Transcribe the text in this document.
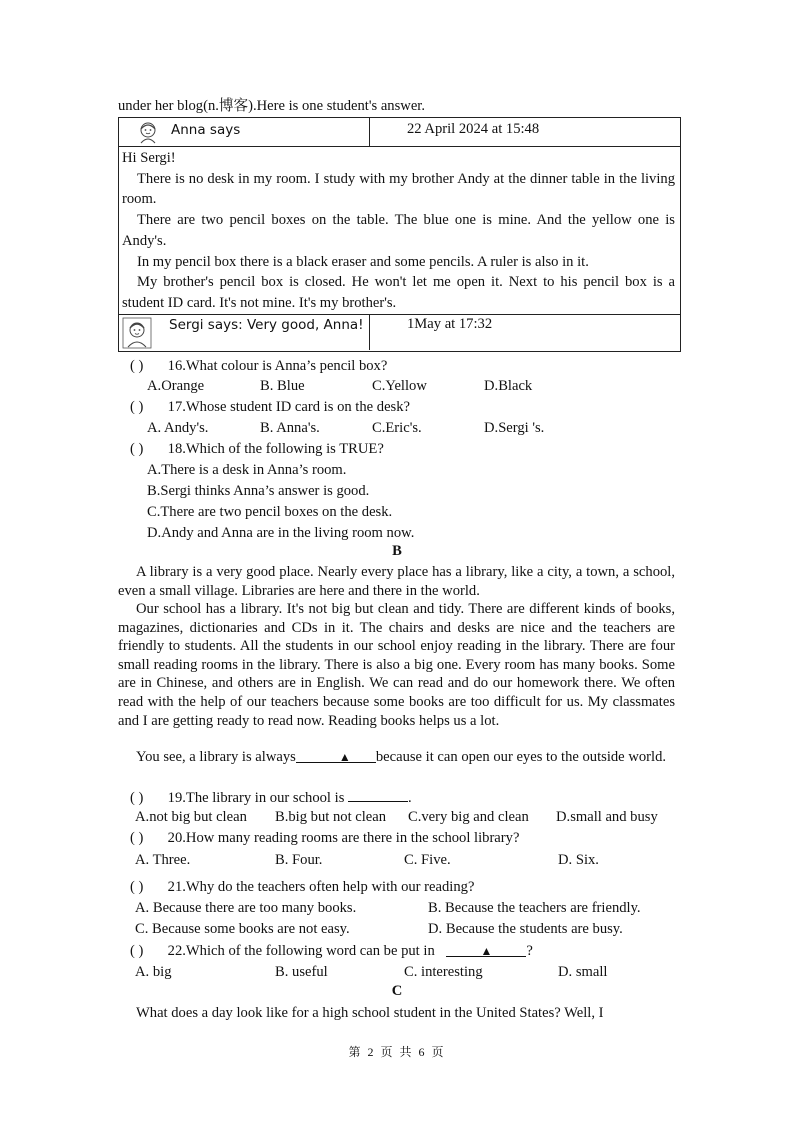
under her blog(n.博客).Here is one student's answer.
Anna says	22 April 2024 at 15:48

Hi Sergi!

There is no desk in my room. I study with my brother Andy at the dinner table in the living room.

There are two pencil boxes on the table. The blue one is mine. And the yellow one is Andy's.

In my pencil box there is a black eraser and some pencils. A ruler is also in it.

My brother's pencil box is closed. He won't let me open it. Next to his pencil box is a student ID card. It's not mine. It's my brother's.

Sergi says: Very good, Anna!	1May at 17:32
( ) 16.What colour is Anna’s pencil box?
A.Orange	B. Blue	C.Yellow	D.Black
( ) 17.Whose student ID card is on the desk?
A. Andy's.	B. Anna's.	C.Eric's.	D.Sergi 's.
( ) 18.Which of the following is TRUE?
A.There is a desk in Anna’s room.
B.Sergi thinks Anna’s answer is good.
C.There are two pencil boxes on the desk.
D.Andy and Anna are in the living room now.
B
A library is a very good place. Nearly every place has a library, like a city, a town, a school, even a small village. Libraries are here and there in the world.
Our school has a library. It's not big but clean and tidy. There are different kinds of books, magazines, dictionaries and CDs in it. The chairs and desks are nice and the teachers are friendly to students. All the students in our school enjoy reading in the library. There are four small reading rooms in the library. There is also a big one. Every room has many books. Some are in Chinese, and others are in English. We can read and do our homework there. We often read with the help of our teachers because some books are too difficult for us. My classmates and I are getting ready to read now. Reading books helps us a lot.
You see, a library is always	▲ because it can open our eyes to the outside world.
( ) 19.The library in our school is	.
A.not big but clean B.big but not clean C.very big and clean D.small and busy
( ) 20.How many reading rooms are there in the school library?
A. Three.	B. Four.	C. Five.	D. Six.
( ) 21.Why do the teachers often help with our reading?
A. Because there are too many books.	B. Because the teachers are friendly.
C. Because some books are not easy.	D. Because the students are busy.
( ) 22.Which of the following word can be put in	▲ ?
A. big	B. useful	C. interesting	D. small
C
What does a day look like for a high school student in the United States? Well, I
第 2 页 共 6 页
